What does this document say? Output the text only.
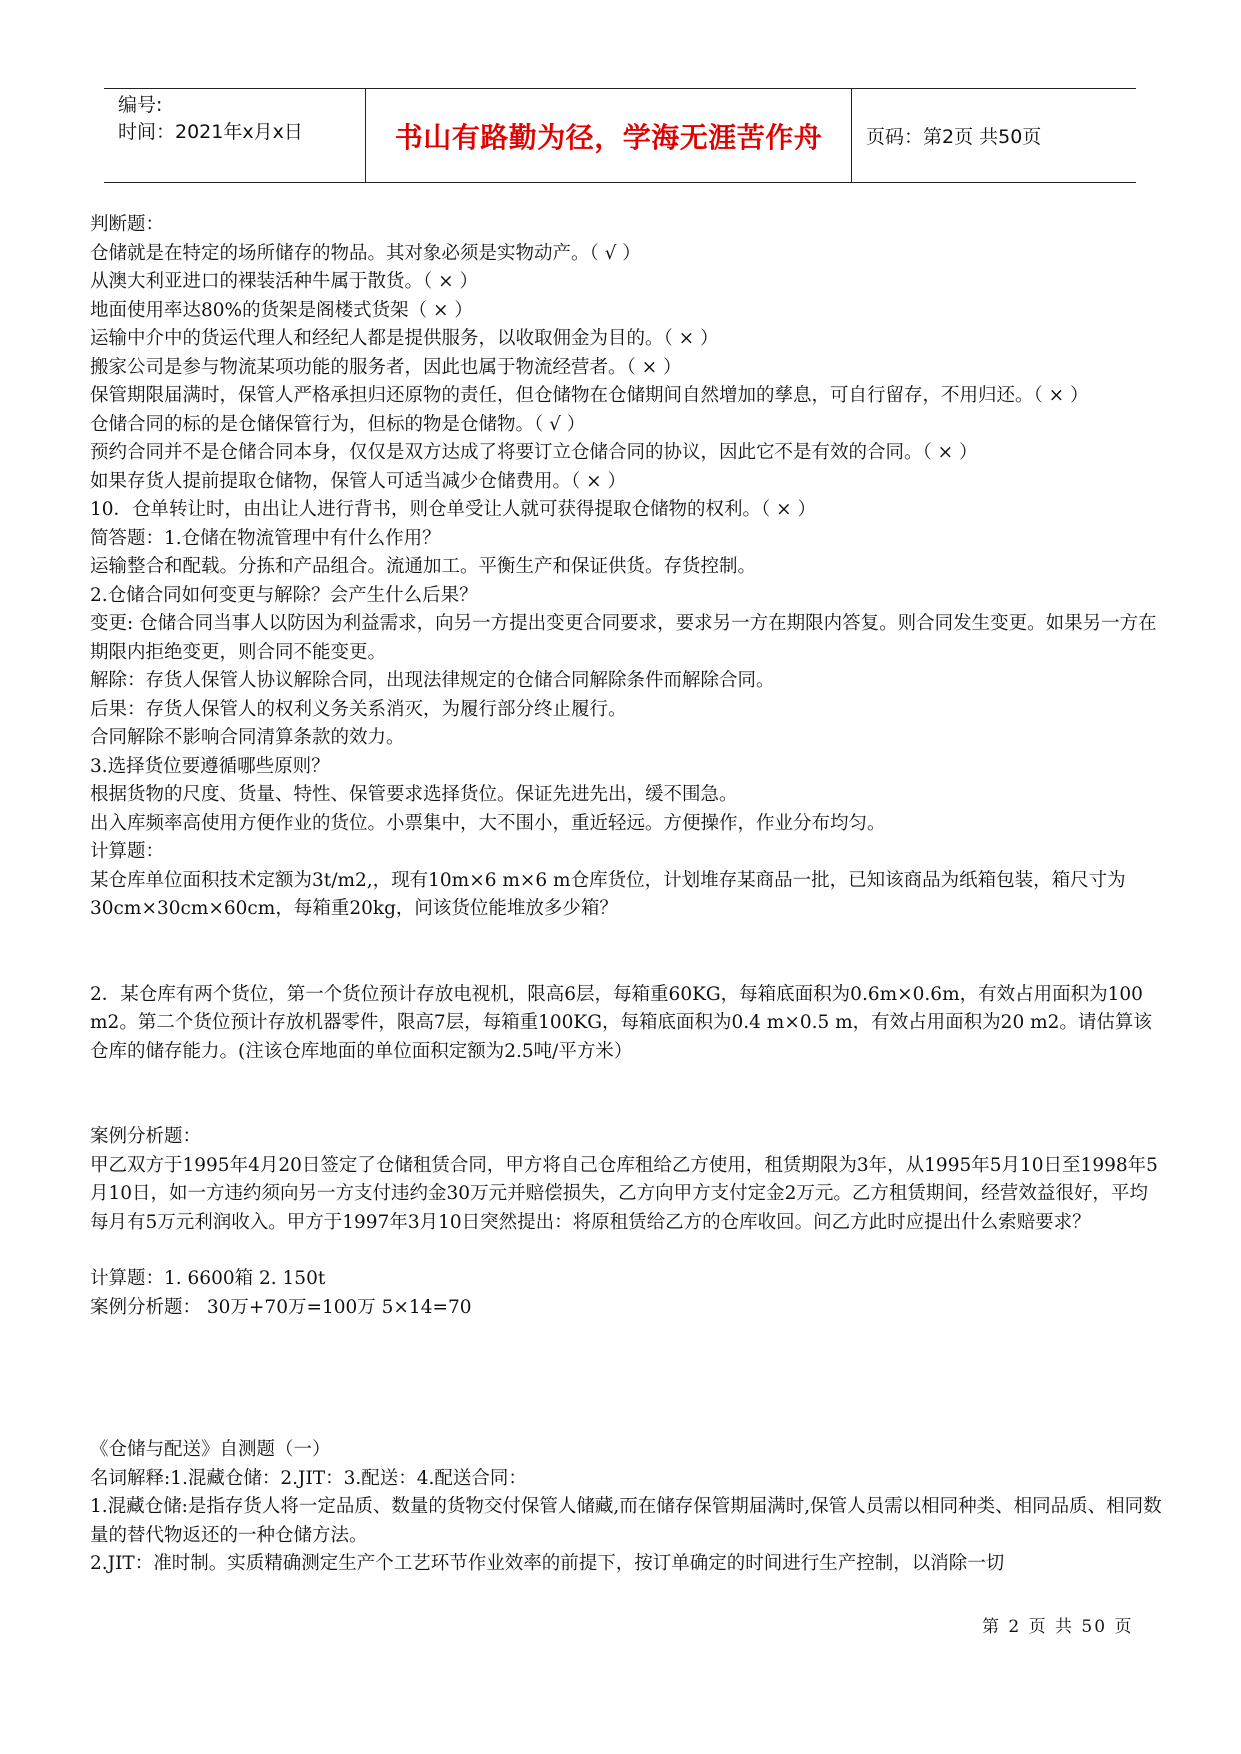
编号:
时间：2021年x月x日	书山有路勤为径，学海无涯苦作舟 页码：第2页 共50页

判断题：

仓储就是在特定的场所储存的物品。其对象必须是实物动产。（ √ ）

从澳大利亚进口的裸装活种牛属于散货。（ × ）

地面使用率达80%的货架是阁楼式货架（ × ）

运输中介中的货运代理人和经纪人都是提供服务，以收取佣金为目的。（ × ）

搬家公司是参与物流某项功能的服务者，因此也属于物流经营者。（ × ）

保管期限届满时，保管人严格承担归还原物的责任，但仓储物在仓储期间自然增加的孳息，可自行留存，不用归还。（ × ）

仓储合同的标的是仓储保管行为，但标的物是仓储物。（ √ ）

预约合同并不是仓储合同本身，仅仅是双方达成了将要订立仓储合同的协议，因此它不是有效的合同。（ × ）

如果存货人提前提取仓储物，保管人可适当减少仓储费用。（ × ）

10．仓单转让时，由出让人进行背书，则仓单受让人就可获得提取仓储物的权利。（ × ）

简答题：1.仓储在物流管理中有什么作用？

运输整合和配载。分拣和产品组合。流通加工。平衡生产和保证供货。存货控制。

2.仓储合同如何变更与解除？会产生什么后果？

变更: 仓储合同当事人以防因为利益需求，向另一方提出变更合同要求，要求另一方在期限内答复。则合同发生变更。如果另一方在期限内拒绝变更，则合同不能变更。

解除：存货人保管人协议解除合同，出现法律规定的仓储合同解除条件而解除合同。

后果：存货人保管人的权利义务关系消灭，为履行部分终止履行。

合同解除不影响合同清算条款的效力。

3.选择货位要遵循哪些原则？

根据货物的尺度、货量、特性、保管要求选择货位。保证先进先出，缓不围急。

出入库频率高使用方便作业的货位。小票集中，大不围小，重近轻远。方便操作，作业分布均匀。

计算题：

某仓库单位面积技术定额为3t/m2,，现有10m×6 m×6 m仓库货位，计划堆存某商品一批，已知该商品为纸箱包装，箱尺寸为30cm×30cm×60cm，每箱重20kg，问该货位能堆放多少箱？

2．某仓库有两个货位，第一个货位预计存放电视机，限高6层，每箱重60KG，每箱底面积为0.6m×0.6m，有效占用面积为100 m2。第二个货位预计存放机器零件，限高7层，每箱重100KG，每箱底面积为0.4 m×0.5 m，有效占用面积为20 m2。请估算该仓库的储存能力。(注该仓库地面的单位面积定额为2.5吨/平方米）

案例分析题：

甲乙双方于1995年4月20日签定了仓储租赁合同，甲方将自己仓库租给乙方使用，租赁期限为3年，从1995年5月10日至1998年5月10日，如一方违约须向另一方支付违约金30万元并赔偿损失，乙方向甲方支付定金2万元。乙方租赁期间，经营效益很好，平均每月有5万元利润收入。甲方于1997年3月10日突然提出：将原租赁给乙方的仓库收回。问乙方此时应提出什么索赔要求？

计算题：1. 6600箱 2. 150t

案例分析题： 30万+70万=100万 5×14=70

《仓储与配送》自测题（一）

名词解释:1.混藏仓储：2.JIT：3.配送：4.配送合同：

1.混藏仓储:是指存货人将一定品质、数量的货物交付保管人储藏,而在储存保管期届满时,保管人员需以相同种类、相同品质、相同数量的替代物返还的一种仓储方法。

2.JIT：准时制。实质精确测定生产个工艺环节作业效率的前提下，按订单确定的时间进行生产控制，以消除一切

第 2 页 共 50 页
